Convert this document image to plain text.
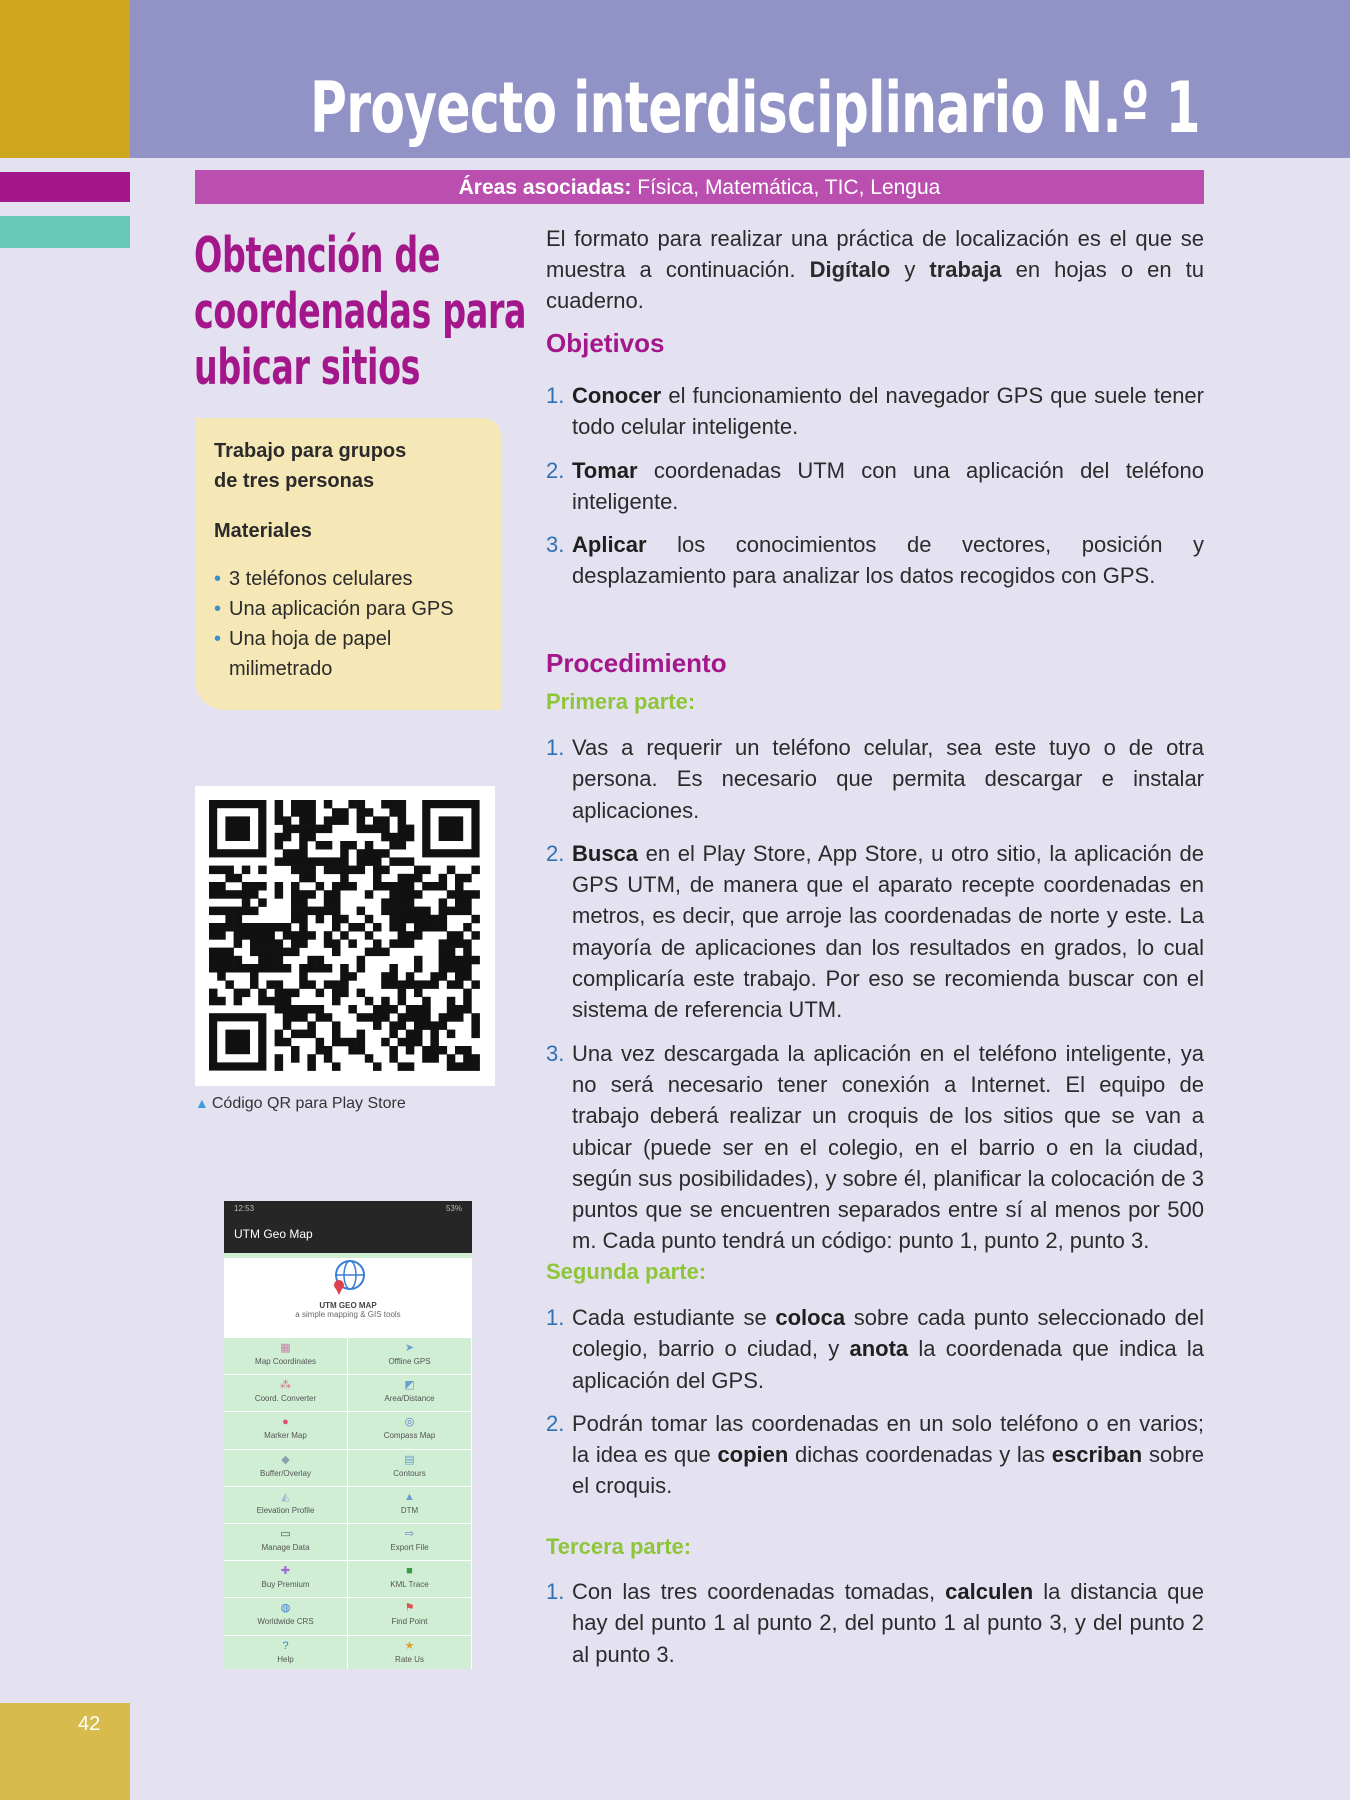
42
Proyecto interdisciplinario N.º 1
Áreas asociadas: Física, Matemática, TIC, Lengua
Obtención de
coordenadas para
ubicar sitios
Trabajo para grupos
de tres personas
Materiales
• 3 teléfonos celulares
• Una aplicación para GPS
• Una hoja de papel milimetrado
▲ Código QR para Play Store
12:53	53%
UTM Geo Map
UTM GEO MAP
a simple mapping & GIS tools
▦
Map Coordinates
➤
Offline GPS
⁂
Coord. Converter
◩
Area/Distance
●
Marker Map
◎
Compass Map
◆
Buffer/Overlay
▤
Contours
◭
Elevation Profile
▲
DTM
▭
Manage Data
⇨
Export File
✚
Buy Premium
■
KML Trace
◍
Worldwide CRS
⚑
Find Point
?
Help
★
Rate Us

El formato para realizar una práctica de localización es el que se muestra a continuación. Digítalo y trabaja en hojas o en tu cuaderno.

Objetivos
1. Conocer el funcionamiento del navegador GPS que suele tener todo celular inteligente.
2. Tomar coordenadas UTM con una aplicación del teléfono inteligente.
3. Aplicar los conocimientos de vectores, posición y desplazamiento para analizar los datos recogidos con GPS.
Procedimiento
Primera parte:
1. Vas a requerir un teléfono celular, sea este tuyo o de otra persona. Es necesario que permita descargar e instalar aplicaciones.
2. Busca en el Play Store, App Store, u otro sitio, la aplicación de GPS UTM, de manera que el aparato recepte coordenadas en metros, es decir, que arroje las coordenadas de norte y este. La mayoría de aplicaciones dan los resultados en grados, lo cual complicaría este trabajo. Por eso se recomienda buscar con el sistema de referencia UTM.
3. Una vez descargada la aplicación en el teléfono inteligente, ya no será necesario tener conexión a Internet. El equipo de trabajo deberá realizar un croquis de los sitios que se van a ubicar (puede ser en el colegio, en el barrio o en la ciudad, según sus posibilidades), y sobre él, planificar la colocación de 3 puntos que se encuentren separados entre sí al menos por 500 m. Cada punto tendrá un código: punto 1, punto 2, punto 3.
Segunda parte:
1. Cada estudiante se coloca sobre cada punto seleccionado del colegio, barrio o ciudad, y anota la coordenada que indica la aplicación del GPS.
2. Podrán tomar las coordenadas en un solo teléfono o en varios; la idea es que copien dichas coordenadas y las escriban sobre el croquis.
Tercera parte:
1. Con las tres coordenadas tomadas, calculen la distancia que hay del punto 1 al punto 2, del punto 1 al punto 3, y del punto 2 al punto 3.
